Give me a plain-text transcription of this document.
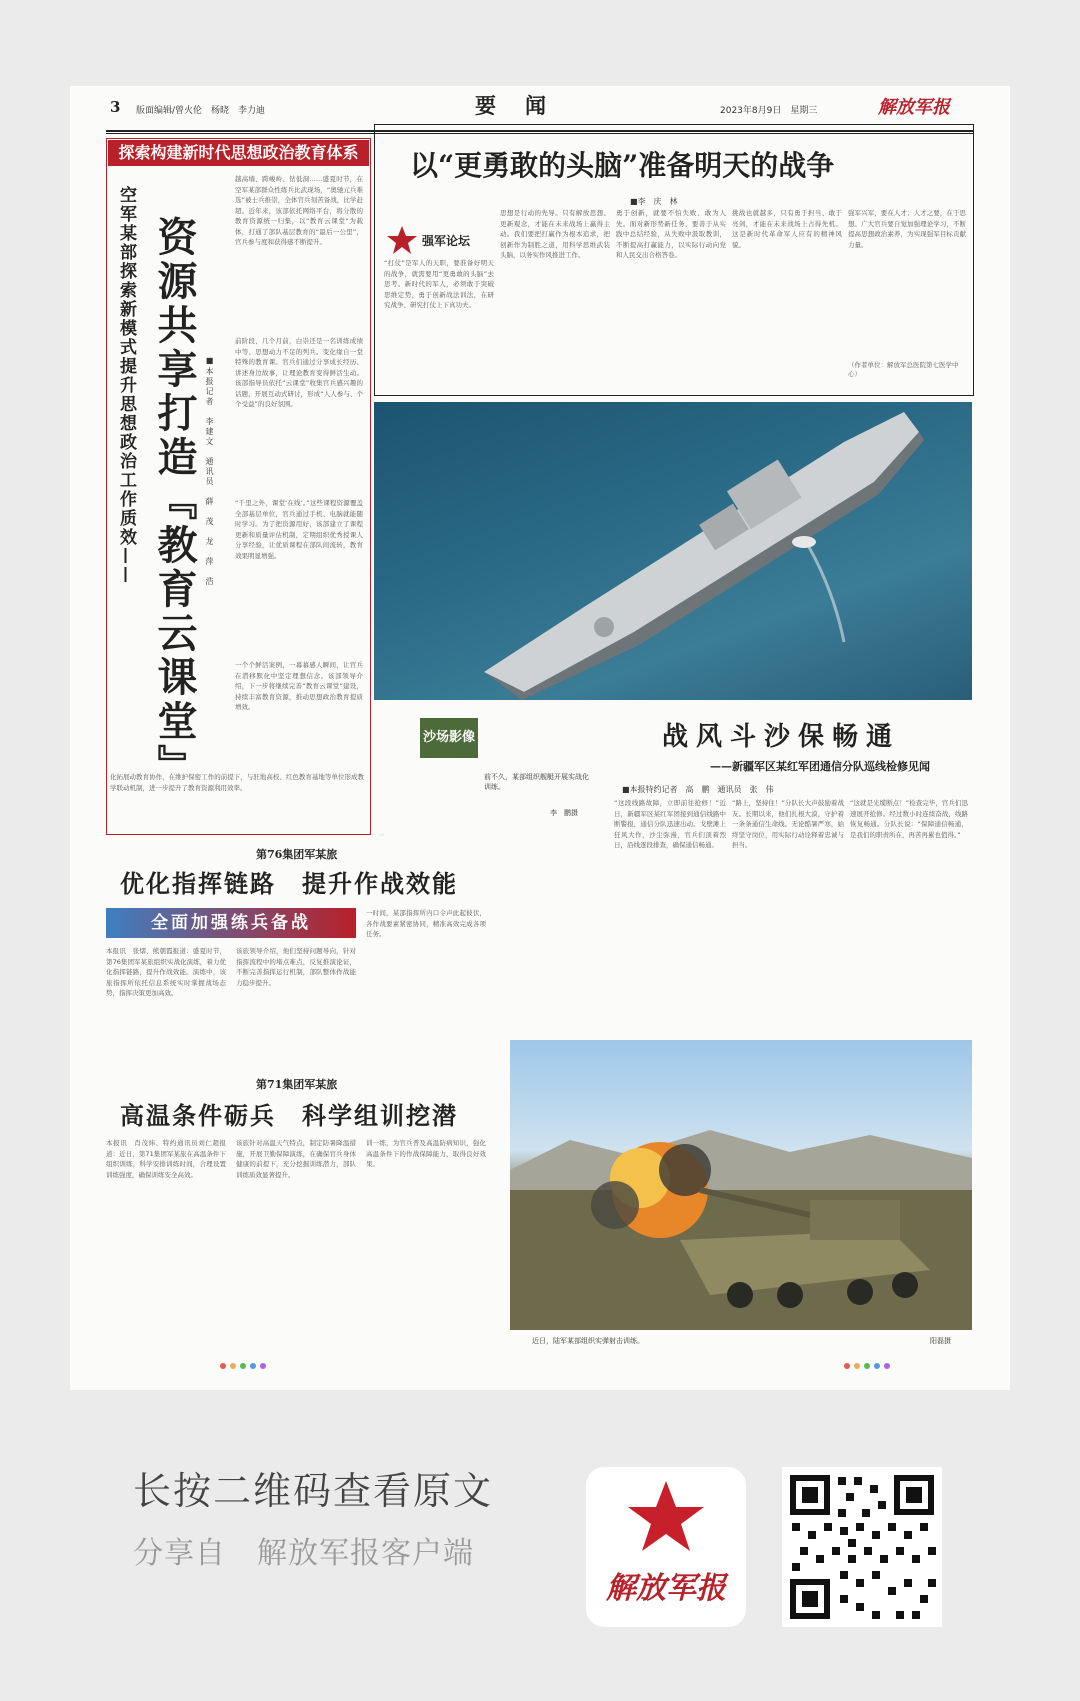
3 版面编辑/曾火伦　杨晓　李力迪	要　闻	2023年8月9日　星期三	解放军报
探索构建新时代思想政治教育体系
空军某部探索新模式提升思想政治工作质效—— 资源共享打造『教育云课堂』 ■本报记者　李建文　通讯员　薛　茂　龙　萍　浩
越高墙、跨峻岭、钻低洞……盛夏时节，在空军某部群众性练兵比武现场，“奥驰元兵难选”被士兵推崇，全体官兵刻苦备战，比学赶超。近年来，该部依托网络平台，将分散的教育资源统一归集，以“教育云课堂”为载体，打通了部队基层教育的“最后一公里”，官兵参与度和获得感不断提升。
前阶段，几个月前，白崇还是一名训练成绩中等、思想动力不足的列兵。变化缘自一堂特殊的教育课。官兵们通过分享成长经历、讲述身边故事，让理论教育变得鲜活生动。该部指导员依托“云课堂”收集官兵感兴趣的话题，开展互动式研讨，形成“人人参与、个个受益”的良好氛围。
“千里之外，课堂‘在线’。”这些课程资源覆盖全部基层单位，官兵通过手机、电脑就能随时学习。为了把资源用好，该部建立了课程更新和质量评估机制，定期组织优秀授课人分享经验，让优质课程在部队间流转，教育效果明显增强。
一个个鲜活案例，一幕幕感人瞬间，让官兵在潜移默化中坚定理想信念。该部领导介绍，下一步将继续完善“教育云课堂”建设，持续丰富教育资源，推动思想政治教育提质增效。
化拓展动教育协作，在维护保密工作的前提下，与驻地高校、红色教育基地等单位形成教学联动机制，进一步提升了教育资源利用效率。
以“更勇敢的头脑”准备明天的战争
■李　庆　林
强军论坛
“打仗”是军人的天职，要准备好明天的战争，就需要用“更勇敢的头脑”去思考。新时代的军人，必须敢于突破思维定势，勇于创新战法训法，在研究战争、研究打仗上下真功夫。
思想是行动的先导。只有解放思想、更新观念，才能在未来战场上赢得主动。我们要把打赢作为根本追求，把创新作为制胜之道，用科学思维武装头脑，以务实作风推进工作。
勇于创新，就要不怕失败、敢为人先。面对新形势新任务，要善于从实践中总结经验，从失败中汲取教训，不断提高打赢能力，以实际行动向党和人民交出合格答卷。
挑战也就越多，只有勇于担当、敢于亮剑，才能在未来战场上占得先机。这是新时代革命军人应有的精神风貌。
强军兴军，要在人才；人才之要，在于思想。广大官兵要自觉加强理论学习，不断提高思想政治素养，为实现强军目标贡献力量。
（作者单位：解放军总医院第七医学中心）
沙场影像
前不久，某部组织舰艇开展实战化训练。
李　鹏摄
战风斗沙保畅通
——新疆军区某红军团通信分队巡线检修见闻
■本报特约记者　高　鹏　通讯员　张　伟
“这段线路故障，立即前往抢修！”近日，新疆军区某红军团接到通信线路中断警报，通信分队迅速出动。戈壁滩上狂风大作，沙尘弥漫，官兵们顶着烈日，沿线逐段排查，确保通信畅通。
“路上，坚持住！”分队长大声鼓励着战友。长期以来，他们扎根大漠，守护着一条条通信生命线。无论酷暑严寒，始终坚守岗位，用实际行动诠释着忠诚与担当。
“这就是光缆断点！”检查完毕，官兵们迅速展开抢修。经过数小时连续奋战，线路恢复畅通。分队长说：“保障通信畅通，是我们的职责所在，再苦再累也值得。”
第76集团军某旅
优化指挥链路　提升作战效能
全面加强练兵备战
本报讯　张熠、熊朝霞报道：盛夏时节，第76集团军某旅组织实战化演练，着力优化指挥链路，提升作战效能。演练中，该旅指挥所依托信息系统实时掌握战场态势，指挥决策更加高效。
该旅领导介绍，他们坚持问题导向，针对指挥流程中的堵点难点，反复推演论证，不断完善指挥运行机制，部队整体作战能力稳步提升。
一时间，某部指挥所内口令声此起彼伏，各作战要素紧密协同，精准高效完成各项任务。
第71集团军某旅
高温条件砺兵　科学组训挖潜
本报讯　肖茂炜、特约通讯员刘仁超报道：近日，第71集团军某旅在高温条件下组织训练，科学安排训练时间，合理设置训练强度，确保训练安全高效。
该旅针对高温天气特点，制定防暑降温措施，开展卫勤保障演练，在确保官兵身体健康的前提下，充分挖掘训练潜力，部队训练质效显著提升。
训一练，为官兵普及高温防病知识，强化高温条件下的作战保障能力，取得良好效果。
近日，陆军某部组织实弹射击训练。	阳磊摄
长按二维码查看原文
分享自　解放军报客户端
解放军报
